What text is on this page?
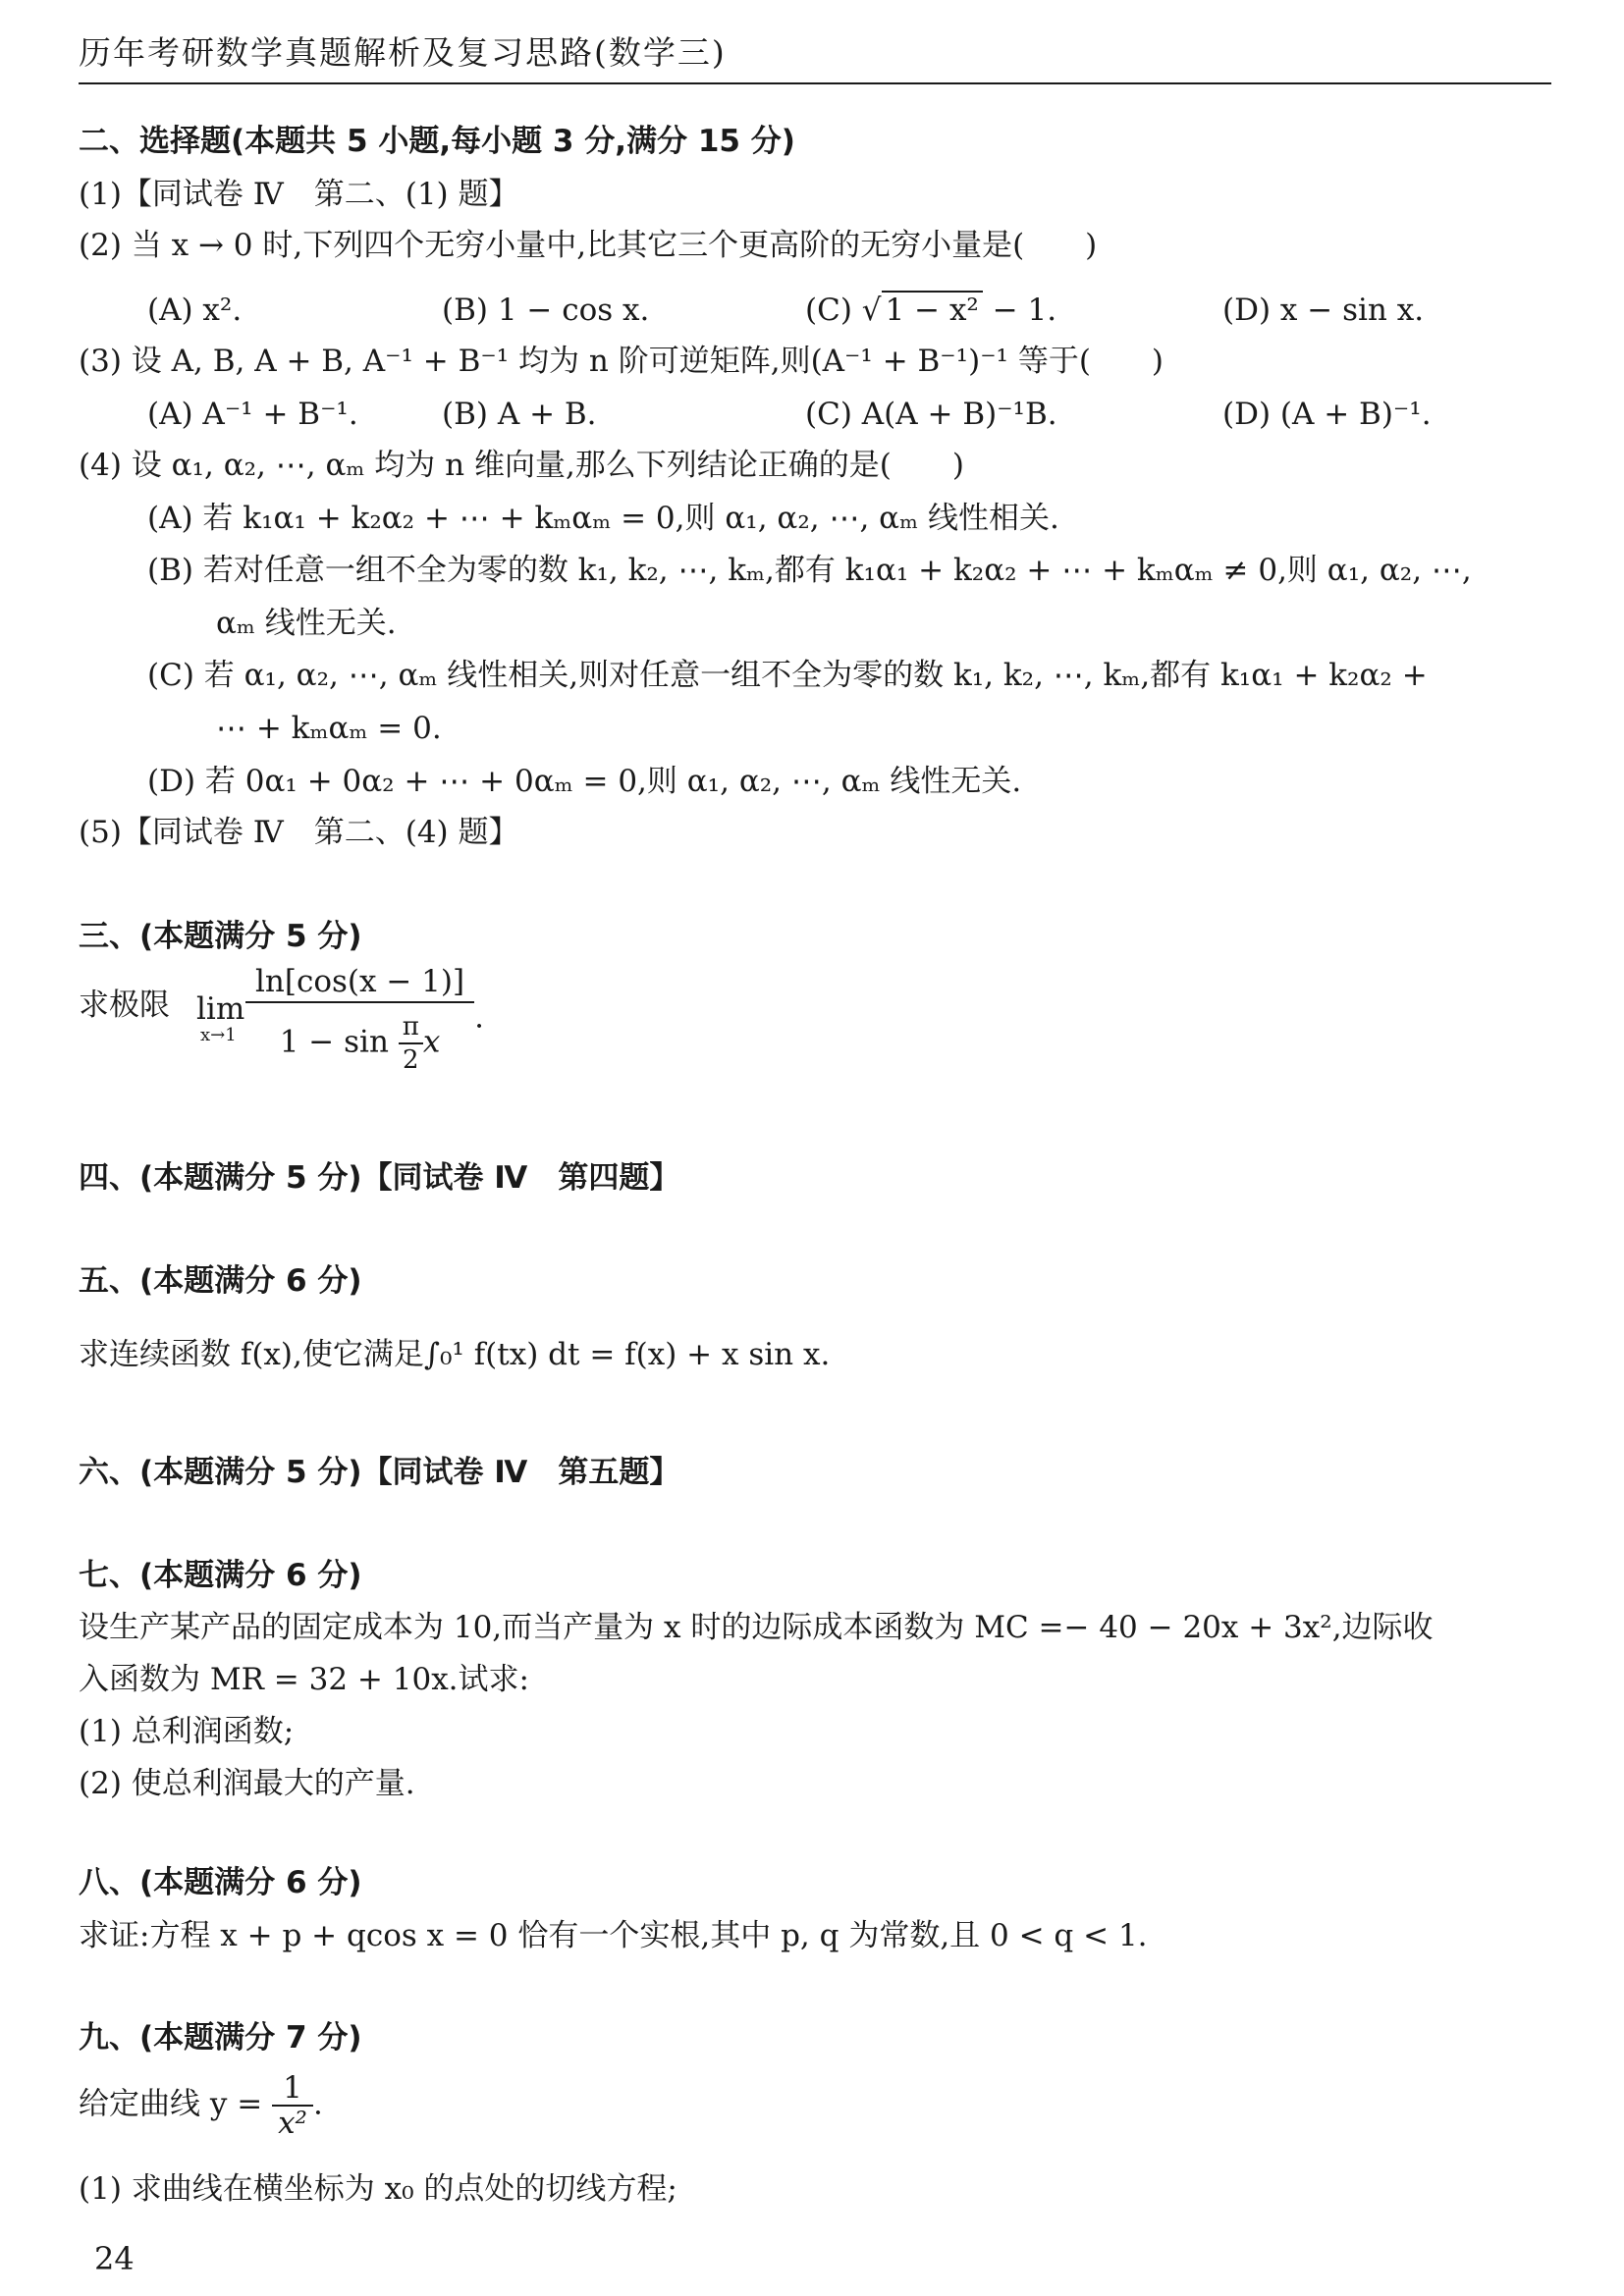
历年考研数学真题解析及复习思路(数学三)
二、选择题(本题共 5 小题,每小题 3 分,满分 15 分)
(1)【同试卷 Ⅳ　第二、(1) 题】
(2) 当 x → 0 时,下列四个无穷小量中,比其它三个更高阶的无穷小量是(　　)
(A) x².	(B) 1 − cos x.	(C) √ 1 − x² − 1.	(D) x − sin x.
(3) 设 A, B, A + B, A⁻¹ + B⁻¹ 均为 n 阶可逆矩阵,则(A⁻¹ + B⁻¹)⁻¹ 等于(　　)
(A) A⁻¹ + B⁻¹.	(B) A + B.	(C) A(A + B)⁻¹B.	(D) (A + B)⁻¹.
(4) 设 α₁, α₂, ⋯, αₘ 均为 n 维向量,那么下列结论正确的是(　　)
(A) 若 k₁α₁ + k₂α₂ + ⋯ + kₘαₘ = 0,则 α₁, α₂, ⋯, αₘ 线性相关.
(B) 若对任意一组不全为零的数 k₁, k₂, ⋯, kₘ,都有 k₁α₁ + k₂α₂ + ⋯ + kₘαₘ ≠ 0,则 α₁, α₂, ⋯,
αₘ 线性无关.
(C) 若 α₁, α₂, ⋯, αₘ 线性相关,则对任意一组不全为零的数 k₁, k₂, ⋯, kₘ,都有 k₁α₁ + k₂α₂ +
⋯ + kₘαₘ = 0.
(D) 若 0α₁ + 0α₂ + ⋯ + 0αₘ = 0,则 α₁, α₂, ⋯, αₘ 线性无关.
(5)【同试卷 Ⅳ　第二、(4) 题】
三、(本题满分 5 分)
求极限 lim
$x\to 1 \frac{\ln[\cos(x - 1)]}{1 - \sin \frac{\pi}{2} x}$ .
四、(本题满分 5 分)【同试卷 Ⅳ　第四题】
五、(本题满分 6 分)
求连续函数 f(x),使它满足∫₀¹ f(tx) dt = f(x) + x sin x.
六、(本题满分 5 分)【同试卷 Ⅳ　第五题】
七、(本题满分 6 分)
设生产某产品的固定成本为 10,而当产量为 x 时的边际成本函数为 MC =− 40 − 20x + 3x²,边际收
入函数为 MR = 32 + 10x.试求:
(1) 总利润函数;
(2) 使总利润最大的产量.
八、(本题满分 6 分)
求证:方程 x + p + qcos x = 0 恰有一个实根,其中 p, q 为常数,且 0 < q < 1.
九、(本题满分 7 分)
给定曲线 $y = \frac{1}{\text{x²}}$ .
(1) 求曲线在横坐标为 x₀ 的点处的切线方程;
24
